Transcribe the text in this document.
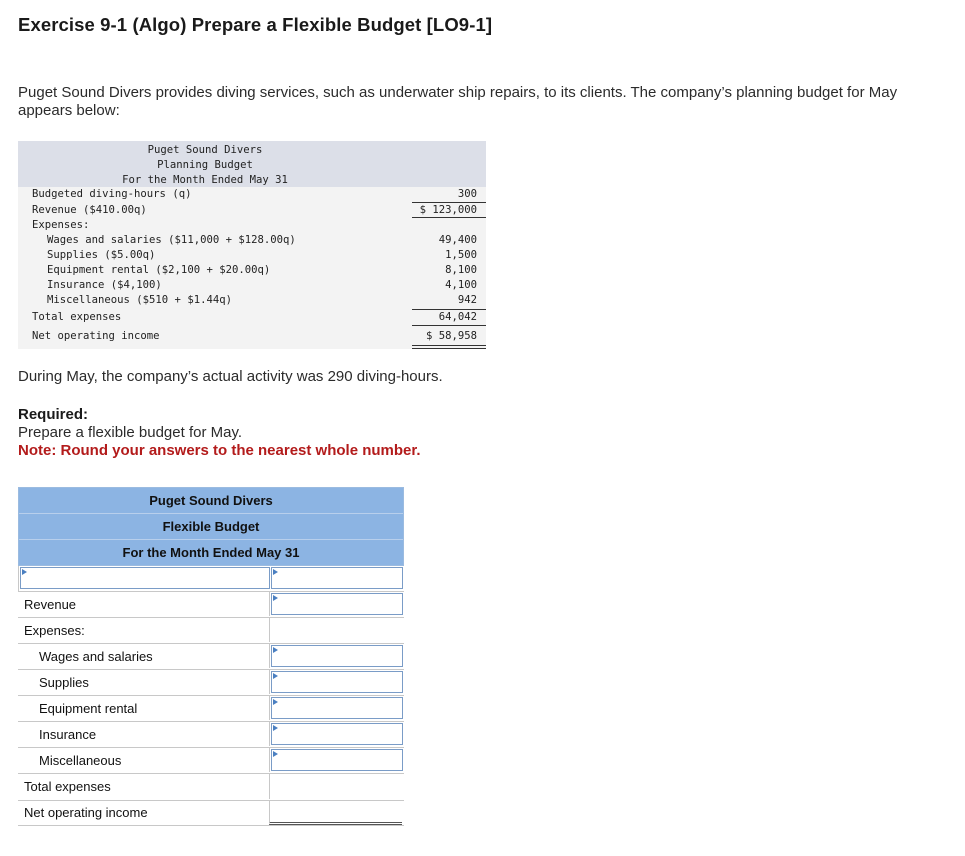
Exercise 9-1 (Algo) Prepare a Flexible Budget [LO9-1]
Puget Sound Divers provides diving services, such as underwater ship repairs, to its clients. The company’s planning budget for May appears below:
Puget Sound Divers
Planning Budget
For the Month Ended May 31
Budgeted diving-hours (q)	300
Revenue ($410.00q)	$ 123,000
Expenses:
Wages and salaries ($11,000 + $128.00q)	49,400
Supplies ($5.00q)	1,500
Equipment rental ($2,100 + $20.00q)	8,100
Insurance ($4,100)	4,100
Miscellaneous ($510 + $1.44q)	942
Total expenses	64,042
Net operating income	$ 58,958
During May, the company’s actual activity was 290 diving-hours.
Required:
Prepare a flexible budget for May.
Note: Round your answers to the nearest whole number.
Puget Sound Divers
Flexible Budget
For the Month Ended May 31
Revenue
Expenses:
Wages and salaries
Supplies
Equipment rental
Insurance
Miscellaneous
Total expenses
Net operating income
